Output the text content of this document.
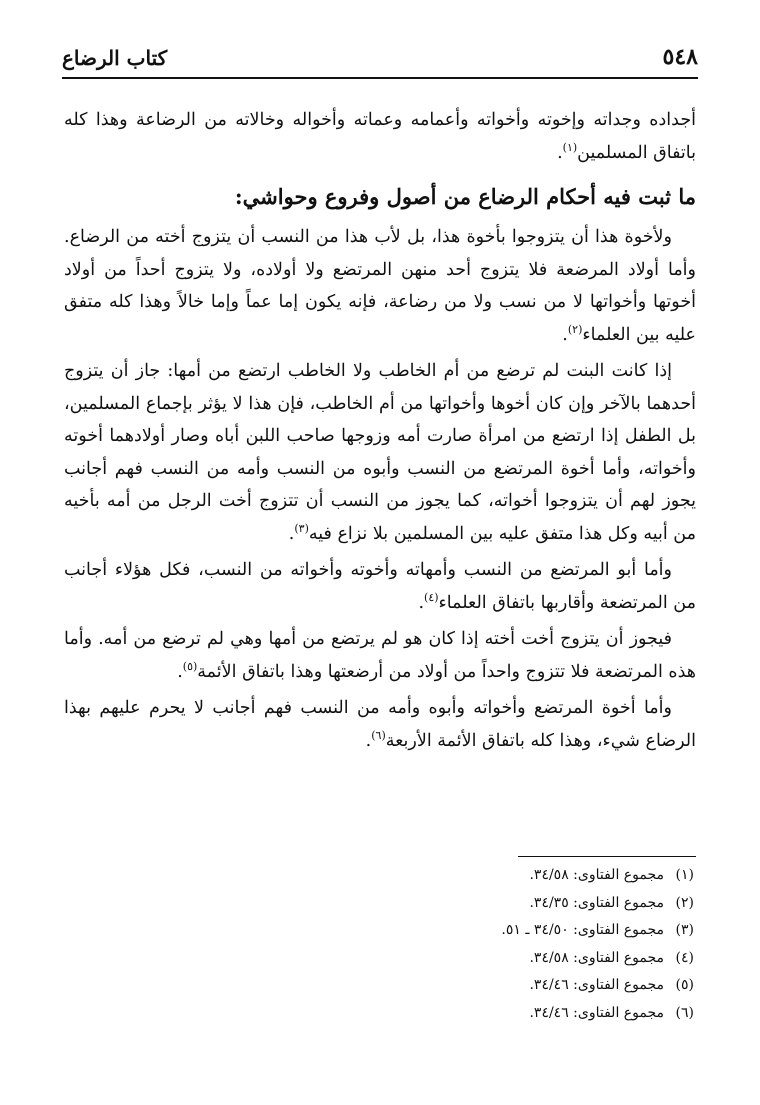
٥٤٨
كتاب الرضاع

أجداده وجداته وإخوته وأخواته وأعمامه وعماته وأخواله وخالاته من الرضاعة وهذا كله باتفاق المسلمين$^{(١)}$.

ما ثبت فيه أحكام الرضاع من أصول وفروع وحواشي:

ولأخوة هذا أن يتزوجوا بأخوة هذا، بل لأب هذا من النسب أن يتزوج أخته من الرضاع. وأما أولاد المرضعة فلا يتزوج أحد منهن المرتضع ولا أولاده، ولا يتزوج أحداً من أولاد أخوتها وأخواتها لا من نسب ولا من رضاعة، فإنه يكون إما عماً وإما خالاً وهذا كله متفق عليه بين العلماء$^{(٢)}$.

إذا كانت البنت لم ترضع من أم الخاطب ولا الخاطب ارتضع من أمها: جاز أن يتزوج أحدهما بالآخر وإن كان أخوها وأخواتها من أم الخاطب، فإن هذا لا يؤثر بإجماع المسلمين، بل الطفل إذا ارتضع من امرأة صارت أمه وزوجها صاحب اللبن أباه وصار أولادهما أخوته وأخواته، وأما أخوة المرتضع من النسب وأبوه من النسب وأمه من النسب فهم أجانب يجوز لهم أن يتزوجوا أخواته، كما يجوز من النسب أن تتزوج أخت الرجل من أمه بأخيه من أبيه وكل هذا متفق عليه بين المسلمين بلا نزاع فيه$^{(٣)}$.

وأما أبو المرتضع من النسب وأمهاته وأخوته وأخواته من النسب، فكل هؤلاء أجانب من المرتضعة وأقاربها باتفاق العلماء$^{(٤)}$.

فيجوز أن يتزوج أخت أخته إذا كان هو لم يرتضع من أمها وهي لم ترضع من أمه. وأما هذه المرتضعة فلا تتزوج واحداً من أولاد من أرضعتها وهذا باتفاق الأئمة$^{(٥)}$.

وأما أخوة المرتضع وأخواته وأبوه وأمه من النسب فهم أجانب لا يحرم عليهم بهذا الرضاع شيء، وهذا كله باتفاق الأئمة الأربعة$^{(٦)}$.

(١)
مجموع الفتاوى: ٣٤/٥٨.
(٢)
مجموع الفتاوى: ٣٤/٣٥.
(٣)
مجموع الفتاوى: ٣٤/٥٠ ـ ٥١.
(٤)
مجموع الفتاوى: ٣٤/٥٨.
(٥)
مجموع الفتاوى: ٣٤/٤٦.
(٦)
مجموع الفتاوى: ٣٤/٤٦.
